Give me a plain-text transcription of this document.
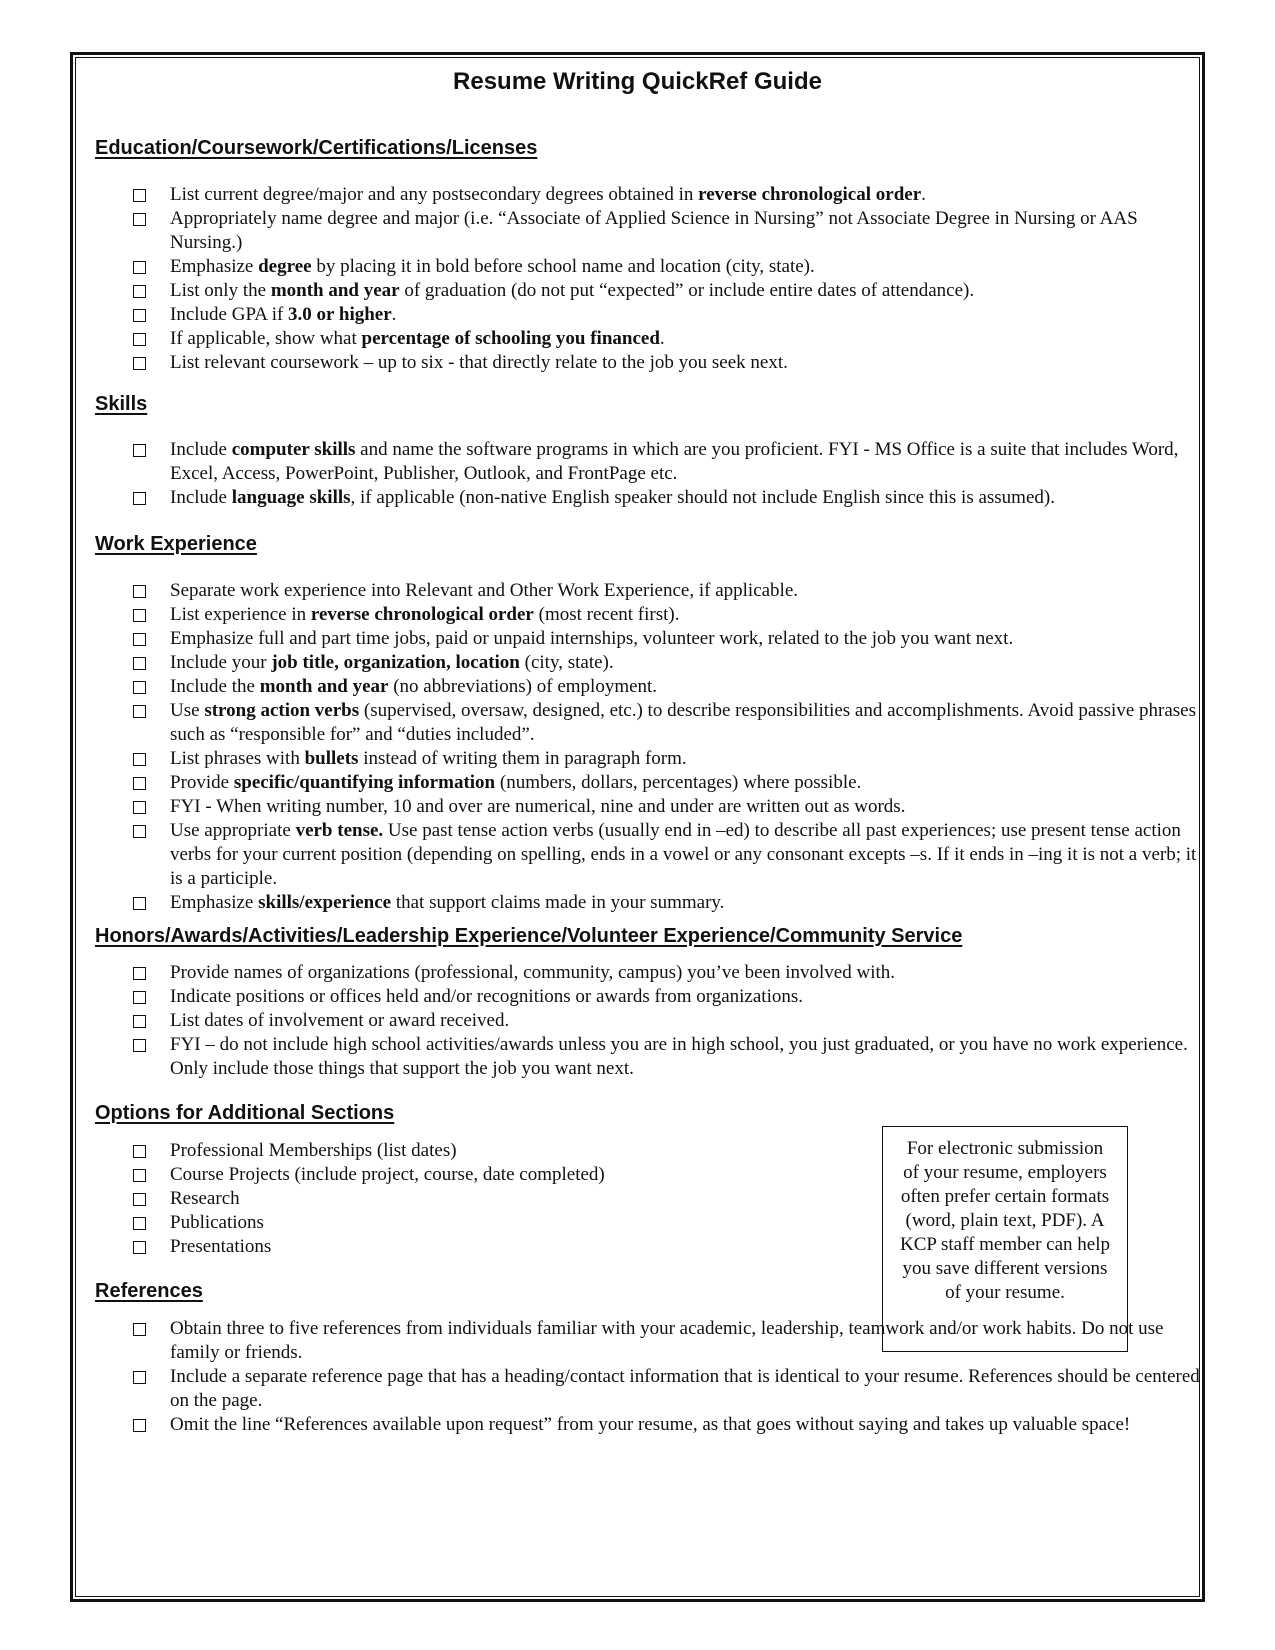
Resume Writing QuickRef Guide
Education/Coursework/Certifications/Licenses
List current degree/major and any postsecondary degrees obtained in reverse chronological order.
Appropriately name degree and major (i.e. “Associate of Applied Science in Nursing” not Associate Degree in Nursing or AAS Nursing.)
Emphasize degree by placing it in bold before school name and location (city, state).
List only the month and year of graduation (do not put “expected” or include entire dates of attendance).
Include GPA if 3.0 or higher.
If applicable, show what percentage of schooling you financed.
List relevant coursework – up to six - that directly relate to the job you seek next.
Skills
Include computer skills and name the software programs in which are you proficient. FYI - MS Office is a suite that includes Word, Excel, Access, PowerPoint, Publisher, Outlook, and FrontPage etc.
Include language skills, if applicable (non-native English speaker should not include English since this is assumed).
Work Experience
Separate work experience into Relevant and Other Work Experience, if applicable.
List experience in reverse chronological order (most recent first).
Emphasize full and part time jobs, paid or unpaid internships, volunteer work, related to the job you want next.
Include your job title, organization, location (city, state).
Include the month and year (no abbreviations) of employment.
Use strong action verbs (supervised, oversaw, designed, etc.) to describe responsibilities and accomplishments. Avoid passive phrases such as “responsible for” and “duties included”.
List phrases with bullets instead of writing them in paragraph form.
Provide specific/quantifying information (numbers, dollars, percentages) where possible.
FYI - When writing number, 10 and over are numerical, nine and under are written out as words.
Use appropriate verb tense. Use past tense action verbs (usually end in –ed) to describe all past experiences; use present tense action verbs for your current position (depending on spelling, ends in a vowel or any consonant excepts –s. If it ends in –ing it is not a verb; it is a participle.
Emphasize skills/experience that support claims made in your summary.
Honors/Awards/Activities/Leadership Experience/Volunteer Experience/Community Service
Provide names of organizations (professional, community, campus) you’ve been involved with.
Indicate positions or offices held and/or recognitions or awards from organizations.
List dates of involvement or award received.
FYI – do not include high school activities/awards unless you are in high school, you just graduated, or you have no work experience. Only include those things that support the job you want next.
Options for Additional Sections
Professional Memberships (list dates)
Course Projects (include project, course, date completed)
Research
Publications
Presentations
For electronic submission of your resume, employers often prefer certain formats (word, plain text, PDF). A KCP staff member can help you save different versions of your resume.
References
Obtain three to five references from individuals familiar with your academic, leadership, teamwork and/or work habits. Do not use family or friends.
Include a separate reference page that has a heading/contact information that is identical to your resume. References should be centered on the page.
Omit the line “References available upon request” from your resume, as that goes without saying and takes up valuable space!
